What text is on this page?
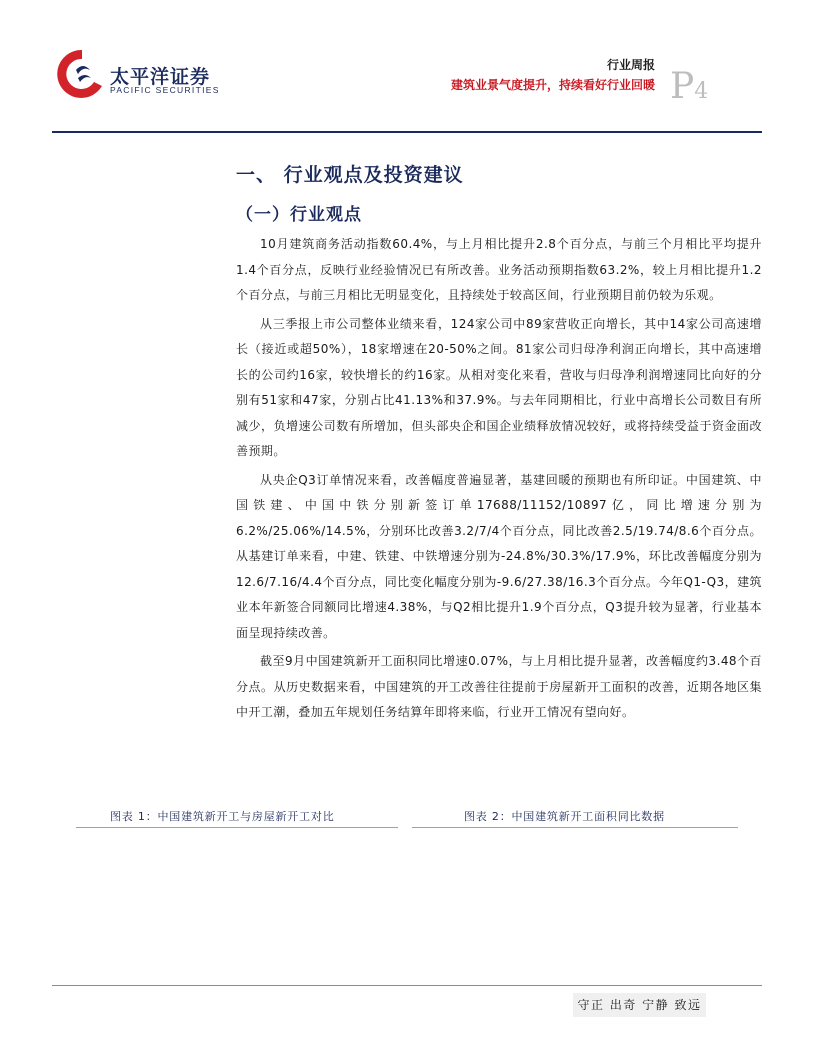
太平洋证券
PACIFIC SECURITIES
行业周报
建筑业景气度提升，持续看好行业回暖 P4
一、 行业观点及投资建议
（一）行业观点

10月建筑商务活动指数60.4%，与上月相比提升2.8个百分点，与前三个月相比平均提升1.4个百分点，反映行业经验情况已有所改善。业务活动预期指数63.2%，较上月相比提升1.2个百分点，与前三月相比无明显变化，且持续处于较高区间，行业预期目前仍较为乐观。

从三季报上市公司整体业绩来看，124家公司中89家营收正向增长，其中14家公司高速增长（接近或超50%），18家增速在20-50%之间。81家公司归母净利润正向增长，其中高速增长的公司约16家，较快增长的约16家。从相对变化来看，营收与归母净利润增速同比向好的分别有51家和47家，分别占比41.13%和37.9%。与去年同期相比，行业中高增长公司数目有所减少，负增速公司数有所增加，但头部央企和国企业绩释放情况较好，或将持续受益于资金面改善预期。

从央企Q3订单情况来看，改善幅度普遍显著，基建回暖的预期也有所印证。中国建筑、中国铁建、中国中铁分别新签订单17688/11152/10897亿，同比增速分别为6.2%/25.06%/14.5%，分别环比改善3.2/7/4个百分点，同比改善2.5/19.74/8.6个百分点。从基建订单来看，中建、铁建、中铁增速分别为-24.8%/30.3%/17.9%，环比改善幅度分别为12.6/7.16/4.4个百分点，同比变化幅度分别为-9.6/27.38/16.3个百分点。今年Q1-Q3，建筑业本年新签合同额同比增速4.38%，与Q2相比提升1.9个百分点，Q3提升较为显著，行业基本面呈现持续改善。

截至9月中国建筑新开工面积同比增速0.07%，与上月相比提升显著，改善幅度约3.48个百分点。从历史数据来看，中国建筑的开工改善往往提前于房屋新开工面积的改善，近期各地区集中开工潮，叠加五年规划任务结算年即将来临，行业开工情况有望向好。

图表 1：中国建筑新开工与房屋新开工对比	图表 2：中国建筑新开工面积同比数据
守正 出奇 宁静 致远
